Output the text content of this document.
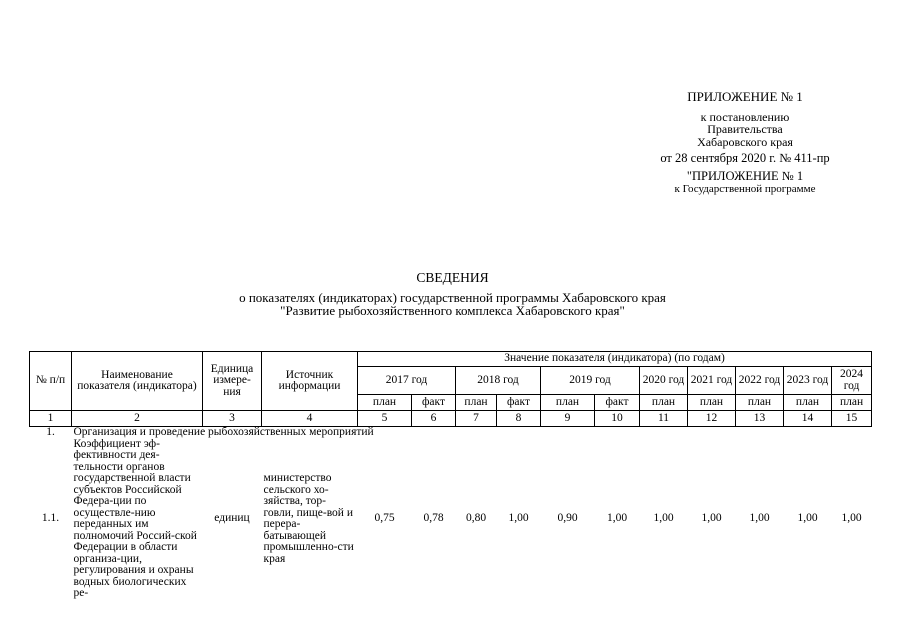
ПРИЛОЖЕНИЕ № 1
к постановлению
Правительства
Хабаровского края
от 28 сентября 2020 г. № 411-пр
"ПРИЛОЖЕНИЕ № 1
к Государственной программе
СВЕДЕНИЯ
о показателях (индикаторах) государственной программы Хабаровского края
"Развитие рыбохозяйственного комплекса Хабаровского края"
№ п/п	Наименование показателя (индикатора)	Единица измере-ния	Источник информации	Значение показателя (индикатора) (по годам)										
				2017 год		2018 год		2019 год		2020 год	2021 год	2022 год	2023 год	2024 год
				план	факт	план	факт	план	факт	план	план	план	план	план
1	2	3	4	5	6	7	8	9	10	11	12	13	14	15
1.	Организация и проведение рыбохозяйственных мероприятий													
1.1.	Коэффициент эф-фективности дея-тельности органов государственной власти субъектов Российской Федера-ции по осуществле-нию переданных им полномочий Россий-ской Федерации в области организа-ции, регулирования и охраны водных биологических ре-	единиц	министерство сельского хо-зяйства, тор-говли, пище-вой и перера-батывающей промышленно-сти края	0,75	0,78	0,80	1,00	0,90	1,00	1,00	1,00	1,00	1,00	1,00
